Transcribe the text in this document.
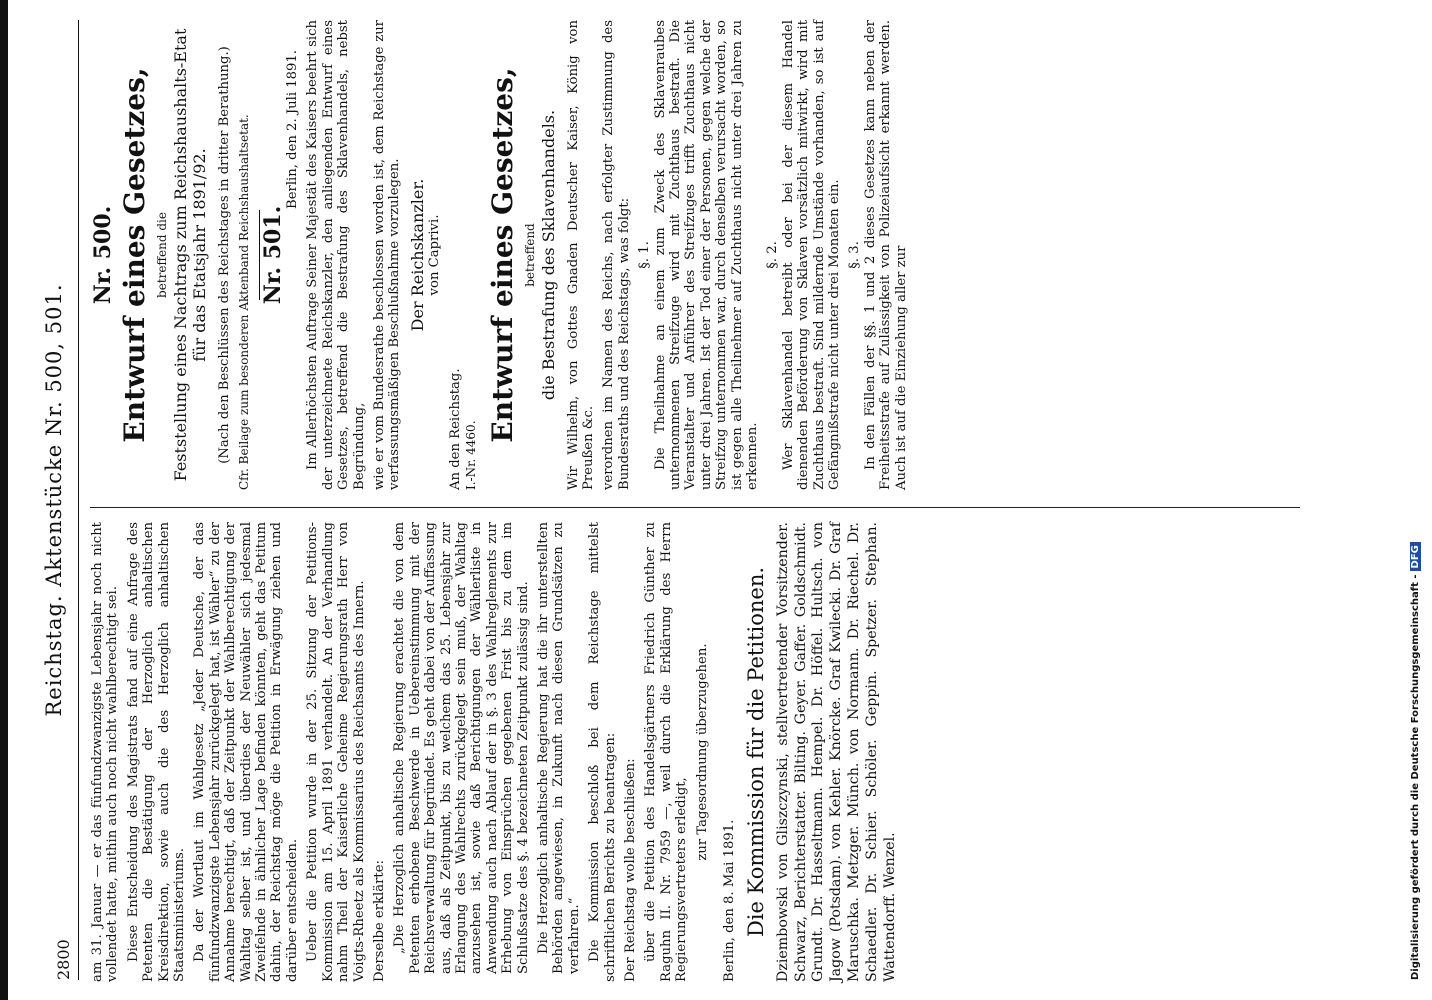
2800
Reichstag. Aktenstücke Nr. 500, 501.

am 31. Januar — er das fünfundzwanzigste Lebensjahr noch nicht vollendet hatte, mithin auch noch nicht wahlberechtigt sei. Diese Entscheidung des Magistrats fand auf eine Anfrage des Petenten die Bestätigung der Herzoglich anhaltischen Kreisdirektion, sowie auch die des Herzoglich anhaltischen Staatsministeriums. Da der Wortlaut im Wahlgesetz „Jeder Deutsche, der das fünfundzwanzigste Lebensjahr zurückgelegt hat, ist Wähler“ zu der Annahme berechtigt, daß der Zeitpunkt der Wahlberechtigung der Wahltag selber ist, und überdies der Neuwähler sich jedesmal Zweifelnde in ähnlicher Lage befinden könnten, geht das Petitum dahin, der Reichstag möge die Petition in Erwägung ziehen und darüber entscheiden. Ueber die Petition wurde in der 25. Sitzung der Petitions-Kommission am 15. April 1891 verhandelt. An der Verhandlung nahm Theil der Kaiserliche Geheime Regierungsrath Herr von Voigts-Rheetz als Kommissarius des Reichsamts des Innern. Derselbe erklärte: „Die Herzoglich anhaltische Regierung erachtet die von dem Petenten erhobene Beschwerde in Uebereinstimmung mit der Reichsverwaltung für begründet. Es geht dabei von der Auffassung aus, daß als Zeitpunkt, bis zu welchem das 25. Lebensjahr zur Erlangung des Wahlrechts zurückgelegt sein muß, der Wahltag anzusehen ist, sowie daß Berichtigungen der Wählerliste in Anwendung auch nach Ablauf der in §. 3 des Wahlreglements zur Erhebung von Einsprüchen gegebenen Frist bis zu dem im Schlußsatze des §. 4 bezeichneten Zeitpunkt zulässig sind. Die Herzoglich anhaltische Regierung hat die ihr unterstellten Behörden angewiesen, in Zukunft nach diesen Grundsätzen zu verfahren.“ Die Kommission beschloß bei dem Reichstage mittelst schriftlichen Berichts zu beantragen: Der Reichstag wolle beschließen: über die Petition des Handelsgärtners Friedrich Günther zu Raguhn II. Nr. 7959 —, weil durch die Erklärung des Herrn Regierungsvertreters erledigt,

zur Tagesordnung überzugehen.

Berlin, den 8. Mai 1891. Die Kommission für die Petitionen. Dziembowski von Gliszczynski, stellvertretender Vorsitzender. Schwarz, Berichterstatter. Bilting. Geyer. Gaffer. Goldschmidt. Grundt. Dr. Hasseltmann. Hempel. Dr. Höffel. Hultsch. von Jagow (Potsdam). von Kehler. Knörcke. Graf Kwilecki. Dr. Graf Maruschka. Metzger. Münch. von Normann. Dr. Riechel. Dr. Schaedler. Dr. Schier. Schöler. Geppin. Spetzer. Stephan. Wattendorff. Wenzel.

Nr. 500. Entwurf eines Gesetzes, betreffend die Feststellung eines Nachtrags zum Reichshaushalts-Etat für das Etatsjahr 1891/92. (Nach den Beschlüssen des Reichstages in dritter Berathung.) Cfr. Beilage zum besonderen Aktenband Reichshaushaltsetat. Nr. 501.

Berlin, den 2. Juli 1891. Im Allerhöchsten Auftrage Seiner Majestät des Kaisers beehrt sich der unterzeichnete Reichskanzler, den anliegenden Entwurf eines Gesetzes, betreffend die Bestrafung des Sklavenhandels, nebst Begründung, wie er vom Bundesrathe beschlossen worden ist, dem Reichstage zur verfassungsmäßigen Beschlußnahme vorzulegen. Der Reichskanzler. von Caprivi.

An den Reichstag. I.-Nr. 4460.

Entwurf eines Gesetzes, betreffend die Bestrafung des Sklavenhandels. Wir Wilhelm, von Gottes Gnaden Deutscher Kaiser, König von Preußen &c. verordnen im Namen des Reichs, nach erfolgter Zustimmung des Bundesraths und des Reichstags, was folgt: §. 1. Die Theilnahme an einem zum Zweck des Sklavenraubes unternommenen Streifzuge wird mit Zuchthaus bestraft. Die Veranstalter und Anführer des Streifzuges trifft Zuchthaus nicht unter drei Jahren. Ist der Tod einer der Personen, gegen welche der Streifzug unternommen war, durch denselben verursacht worden, so ist gegen alle Theilnehmer auf Zuchthaus nicht unter drei Jahren zu erkennen.

§. 2. Wer Sklavenhandel betreibt oder bei der diesem Handel dienenden Beförderung von Sklaven vorsätzlich mitwirkt, wird mit Zuchthaus bestraft. Sind mildernde Umstände vorhanden, so ist auf Gefängnißstrafe nicht unter drei Monaten ein. §. 3. In den Fällen der §§. 1 und 2 dieses Gesetzes kann neben der Freiheitsstrafe auf Zulässigkeit von Polizeiaufsicht erkannt werden. Auch ist auf die Einziehung aller zur

Digitalisierung gefördert durch die Deutsche Forschungsgemeinschaft -DFG
